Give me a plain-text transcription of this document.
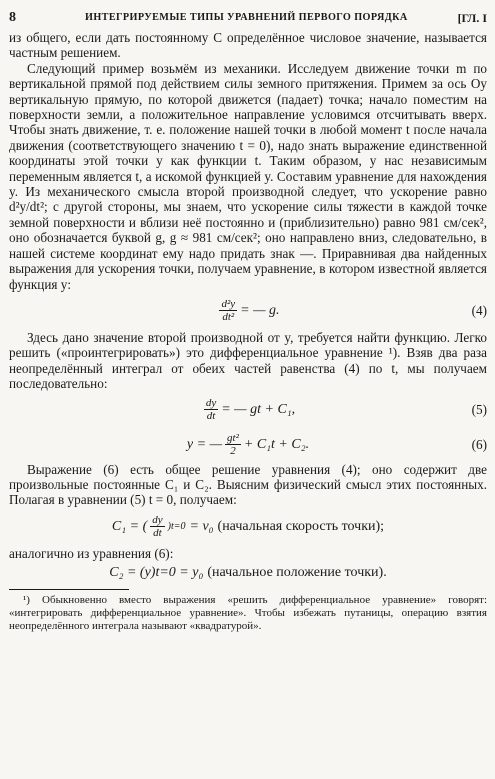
8	ИНТЕГРИРУЕМЫЕ ТИПЫ УРАВНЕНИЙ ПЕРВОГО ПОРЯДКА	[ГЛ. I

из общего, если дать постоянному C определённое числовое значение, называется частным решением.

Следующий пример возьмём из механики. Исследуем движение точки m по вертикальной прямой под действием силы земного притяжения. Примем за ось Oy вертикальную прямую, по которой движется (падает) точка; начало поместим на поверхности земли, а положительное направление условимся отсчитывать вверх. Чтобы знать движение, т. е. положение нашей точки в любой момент t после начала движения (соответствующего значению t = 0), надо знать выражение единственной координаты этой точки y как функции t. Таким образом, у нас независимым переменным является t, а искомой функцией y. Составим уравнение для нахождения y. Из механического смысла второй производной следует, что ускорение равно d²y/dt²; с другой стороны, мы знаем, что ускорение силы тяжести в каждой точке земной поверхности и вблизи неё постоянно и (приблизительно) равно 981 см/сек², оно обозначается буквой g, g ≈ 981 см/сек²; оно направлено вниз, следовательно, в нашей системе координат ему надо придать знак —. Приравнивая два найденных выражения для ускорения точки, получаем уравнение, в котором известной является функция y:

$\frac{\text{d²y}}{\text{dt²}}$ = — g.	(4)

Здесь дано значение второй производной от y, требуется найти функцию. Легко решить («проинтегрировать») это дифференциальное уравнение ¹). Взяв два раза неопределённый интеграл от обеих частей равенства (4) по t, мы получаем последовательно:

$\frac{dy}{dt}$ = — gt + C₁,	(5)
y = — $\frac{\text{gt²}}{2} + C_1t + C_2$.	(6)

Выражение (6) есть общее решение уравнения (4); оно содержит две произвольные постоянные C₁ и C₂. Выясним физический смысл этих постоянных. Полагая в уравнении (5) t = 0, получаем:

C₁ = ( $\frac{dy}{dt} )t=0 = v_0$ (начальная скорость точки);

аналогично из уравнения (6):

C₂ = (y)t=0 = y₀ (начальное положение точки).
¹) Обыкновенно вместо выражения «решить дифференциальное уравнение» говорят: «интегрировать дифференциальное уравнение». Чтобы избежать путаницы, операцию взятия неопределённого интеграла называют «квадратурой».
